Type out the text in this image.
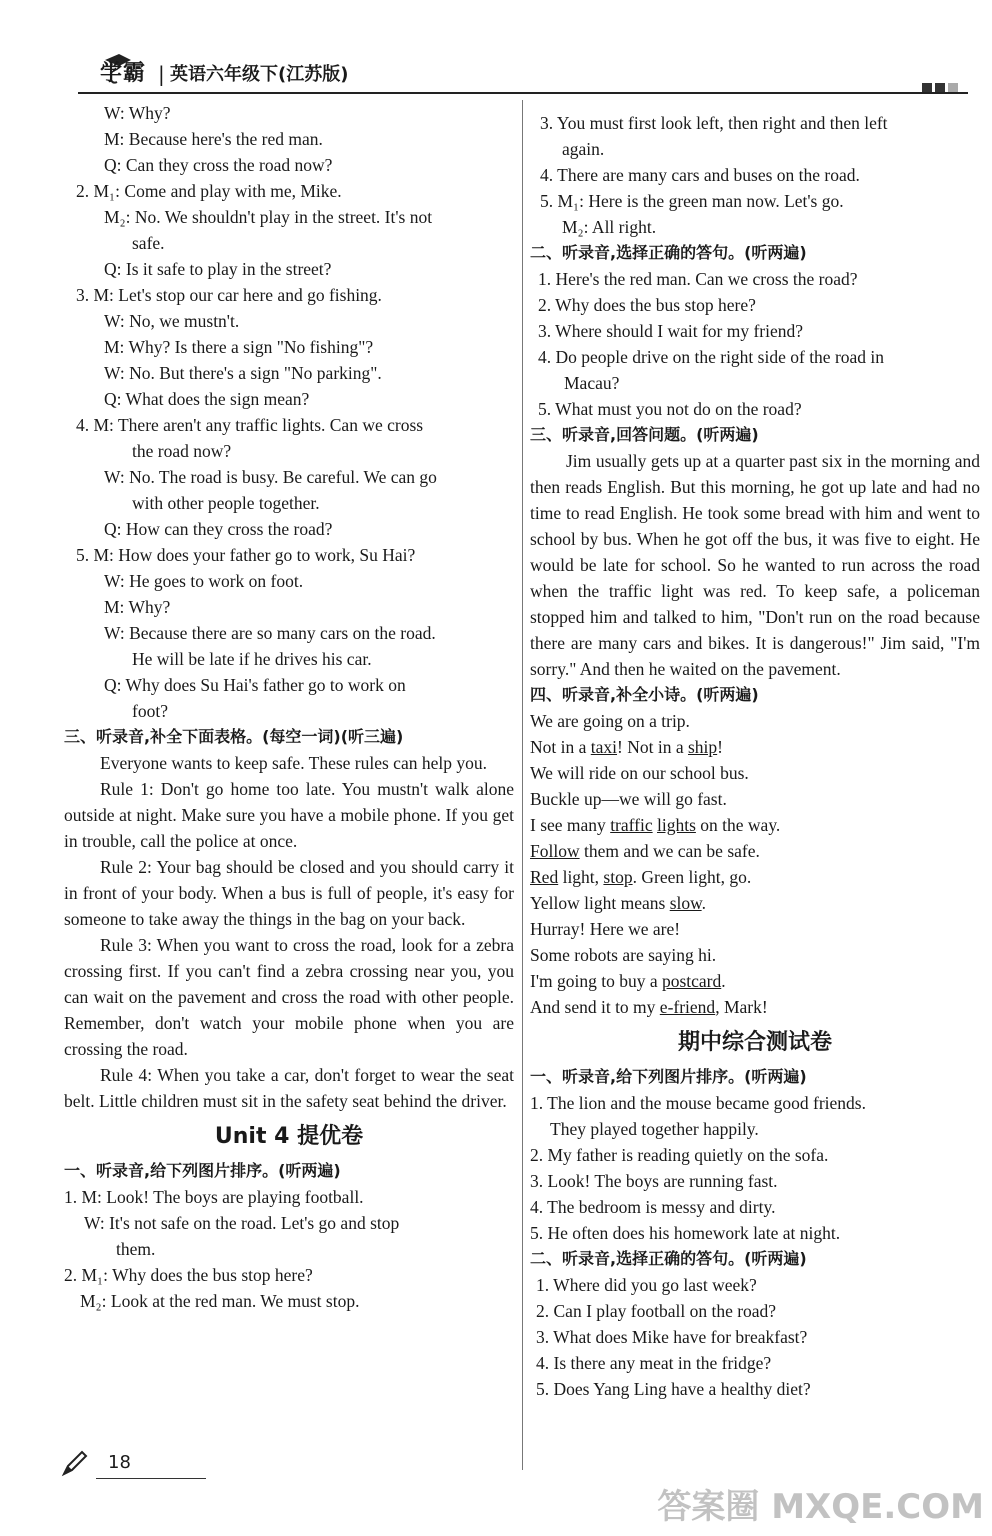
学霸 | 英语六年级下(江苏版)
W: Why?
M: Because here's the red man.
Q: Can they cross the road now?
2. M₁: Come and play with me, Mike.
M₂: No. We shouldn't play in the street. It's not
safe.
Q: Is it safe to play in the street?
3. M: Let's stop our car here and go fishing.
W: No, we mustn't.
M: Why? Is there a sign "No fishing"?
W: No. But there's a sign "No parking".
Q: What does the sign mean?
4. M: There aren't any traffic lights. Can we cross
the road now?
W: No. The road is busy. Be careful. We can go
with other people together.
Q: How can they cross the road?
5. M: How does your father go to work, Su Hai?
W: He goes to work on foot.
M: Why?
W: Because there are so many cars on the road.
He will be late if he drives his car.
Q: Why does Su Hai's father go to work on
foot?
三、听录音,补全下面表格。(每空一词)(听三遍)
Everyone wants to keep safe. These rules can help you.
Rule 1: Don't go home too late. You mustn't walk alone outside at night. Make sure you have a mobile phone. If you get in trouble, call the police at once.
Rule 2: Your bag should be closed and you should carry it in front of your body. When a bus is full of people, it's easy for someone to take away the things in the bag on your back.
Rule 3: When you want to cross the road, look for a zebra crossing first. If you can't find a zebra crossing near you, you can wait on the pavement and cross the road with other people. Remember, don't watch your mobile phone when you are crossing the road.
Rule 4: When you take a car, don't forget to wear the seat belt. Little children must sit in the safety seat behind the driver.
Unit 4 提优卷
一、听录音,给下列图片排序。(听两遍)
1. M: Look! The boys are playing football.
W: It's not safe on the road. Let's go and stop
them.
2. M₁: Why does the bus stop here?
M₂: Look at the red man. We must stop.
3. You must first look left, then right and then left
again.
4. There are many cars and buses on the road.
5. M₁: Here is the green man now. Let's go.
M₂: All right.
二、听录音,选择正确的答句。(听两遍)
1. Here's the red man. Can we cross the road?
2. Why does the bus stop here?
3. Where should I wait for my friend?
4. Do people drive on the right side of the road in
Macau?
5. What must you not do on the road?
三、听录音,回答问题。(听两遍)
Jim usually gets up at a quarter past six in the morning and then reads English. But this morning, he got up late and had no time to read English. He took some bread with him and went to school by bus. When he got off the bus, it was five to eight. He would be late for school. So he wanted to run across the road when the traffic light was red. To keep safe, a policeman stopped him and talked to him, "Don't run on the road because there are many cars and bikes. It is dangerous!" Jim said, "I'm sorry." And then he waited on the pavement.
四、听录音,补全小诗。(听两遍)
We are going on a trip.
Not in a taxi! Not in a ship!
We will ride on our school bus.
Buckle up—we will go fast.
I see many traffic lights on the way.
Follow them and we can be safe.
Red light, stop. Green light, go.
Yellow light means slow.
Hurray! Here we are!
Some robots are saying hi.
I'm going to buy a postcard.
And send it to my e-friend, Mark!
期中综合测试卷
一、听录音,给下列图片排序。(听两遍)
1. The lion and the mouse became good friends.
They played together happily.
2. My father is reading quietly on the sofa.
3. Look! The boys are running fast.
4. The bedroom is messy and dirty.
5. He often does his homework late at night.
二、听录音,选择正确的答句。(听两遍)
1. Where did you go last week?
2. Can I play football on the road?
3. What does Mike have for breakfast?
4. Is there any meat in the fridge?
5. Does Yang Ling have a healthy diet?
18
答案圈 MXQE.COM
